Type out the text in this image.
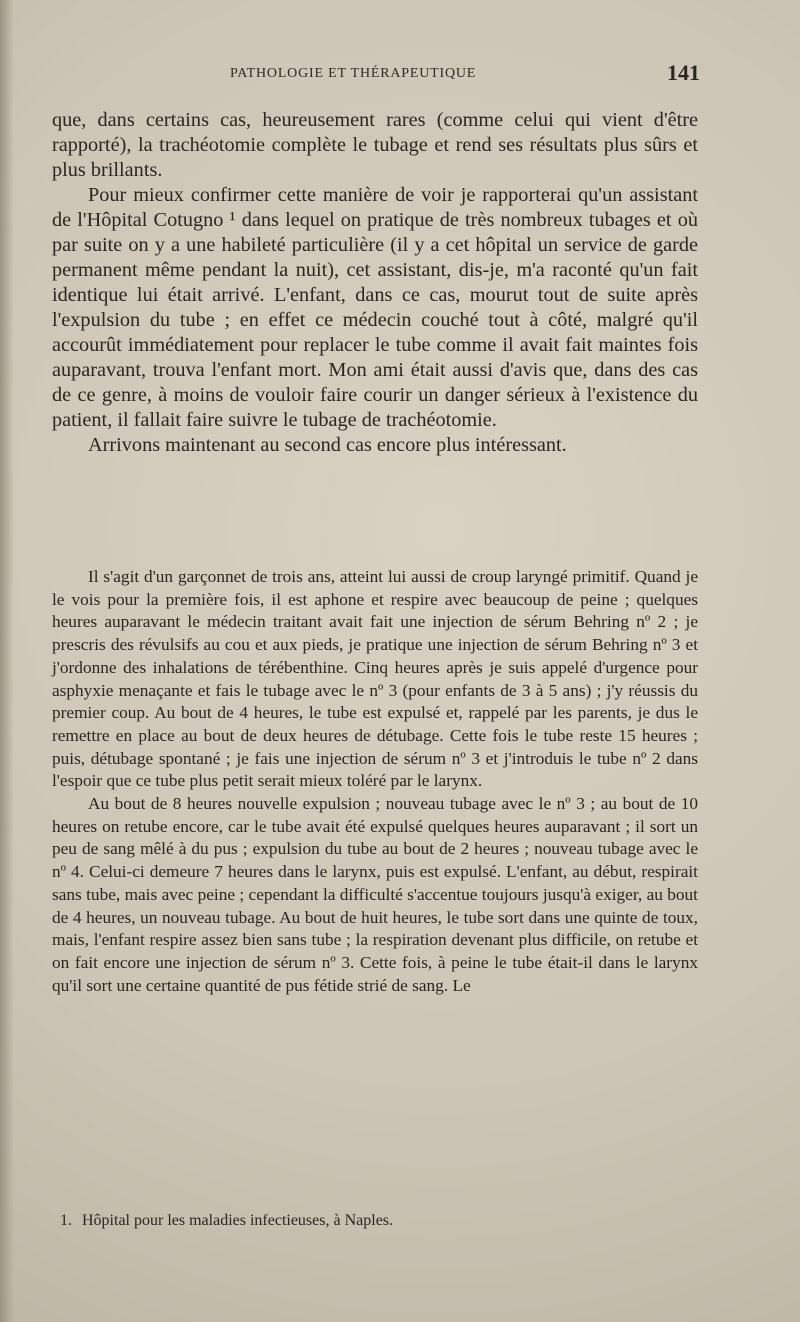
PATHOLOGIE ET THÉRAPEUTIQUE	141

que, dans certains cas, heureusement rares (comme celui qui vient d'être rapporté), la trachéotomie complète le tubage et rend ses résultats plus sûrs et plus brillants.

Pour mieux confirmer cette manière de voir je rapporterai qu'un assistant de l'Hôpital Cotugno ¹ dans lequel on pratique de très nombreux tubages et où par suite on y a une habileté particulière (il y a cet hôpital un service de garde permanent même pendant la nuit), cet assistant, dis-je, m'a raconté qu'un fait identique lui était arrivé. L'enfant, dans ce cas, mourut tout de suite après l'expulsion du tube ; en effet ce médecin couché tout à côté, malgré qu'il accourût immédiatement pour replacer le tube comme il avait fait maintes fois auparavant, trouva l'enfant mort. Mon ami était aussi d'avis que, dans des cas de ce genre, à moins de vouloir faire courir un danger sérieux à l'existence du patient, il fallait faire suivre le tubage de trachéotomie.

Arrivons maintenant au second cas encore plus intéressant.

Il s'agit d'un garçonnet de trois ans, atteint lui aussi de croup laryngé primitif. Quand je le vois pour la première fois, il est aphone et respire avec beaucoup de peine ; quelques heures auparavant le médecin traitant avait fait une injection de sérum Behring nº 2 ; je prescris des révulsifs au cou et aux pieds, je pratique une injection de sérum Behring nº 3 et j'ordonne des inhalations de térébenthine. Cinq heures après je suis appelé d'urgence pour asphyxie menaçante et fais le tubage avec le nº 3 (pour enfants de 3 à 5 ans) ; j'y réussis du premier coup. Au bout de 4 heures, le tube est expulsé et, rappelé par les parents, je dus le remettre en place au bout de deux heures de détubage. Cette fois le tube reste 15 heures ; puis, détubage spontané ; je fais une injection de sérum nº 3 et j'introduis le tube nº 2 dans l'espoir que ce tube plus petit serait mieux toléré par le larynx.

Au bout de 8 heures nouvelle expulsion ; nouveau tubage avec le nº 3 ; au bout de 10 heures on retube encore, car le tube avait été expulsé quelques heures auparavant ; il sort un peu de sang mêlé à du pus ; expulsion du tube au bout de 2 heures ; nouveau tubage avec le nº 4. Celui-ci demeure 7 heures dans le larynx, puis est expulsé. L'enfant, au début, respirait sans tube, mais avec peine ; cependant la difficulté s'accentue toujours jusqu'à exiger, au bout de 4 heures, un nouveau tubage. Au bout de huit heures, le tube sort dans une quinte de toux, mais, l'enfant respire assez bien sans tube ; la respiration devenant plus difficile, on retube et on fait encore une injection de sérum nº 3. Cette fois, à peine le tube était-il dans le larynx qu'il sort une certaine quantité de pus fétide strié de sang. Le

1. Hôpital pour les maladies infectieuses, à Naples.
